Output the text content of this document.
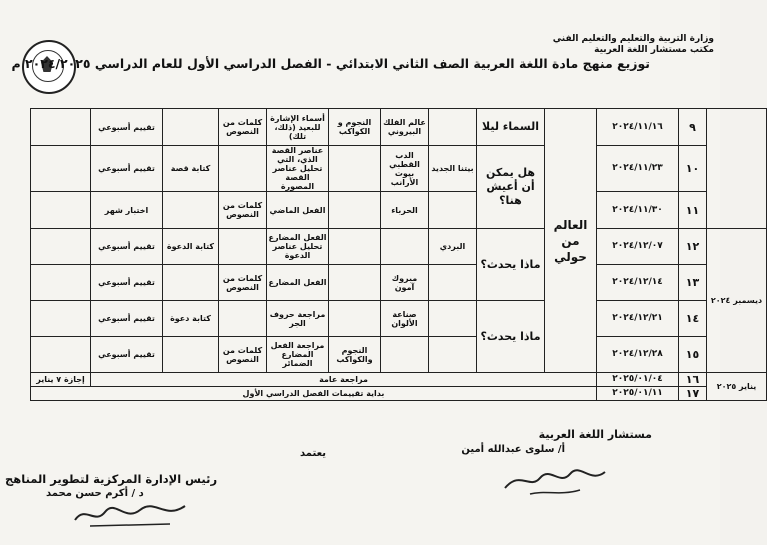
وزارة التربية والتعليم والتعليم الفني
مكتب مستشار اللغة العربية
توزيع منهج مادة اللغة العربية الصف الثاني الابتدائي - الفصل الدراسي الأول للعام الدراسي ٢٠٢٤/٢٠٢٥ م
	٩	٢٠٢٤/١١/١٦	العالم من حولي	السماء ليلا		عالم الفلك البيروني	النجوم و الكواكب	أسماء الإشارة للبعيد (ذلك، تلك)	كلمات من النصوص		تقييم أسبوعي	
	١٠	٢٠٢٤/١١/٢٣		هل يمكن أن أعيش هنا؟	بيتنا الجديد	الدب القطبي بيوت الأرانب		عناصر القصة الذي، التي تحليل عناصر القصة المصورة		كتابة قصة	تقييم أسبوعي	
	١١	٢٠٢٤/١١/٣٠				الحرباء		الفعل الماضي	كلمات من النصوص		اختبار شهر	
ديسمبر ٢٠٢٤	١٢	٢٠٢٤/١٢/٠٧		ماذا يحدث؟	البردي			الفعل المضارع تحليل عناصر الدعوة		كتابة الدعوة	تقييم أسبوعي	
	١٣	٢٠٢٤/١٢/١٤				مبروك آمون		الفعل المضارع	كلمات من النصوص		تقييم أسبوعي	
	١٤	٢٠٢٤/١٢/٢١		ماذا يحدث؟		صناعة الألوان		مراجعة حروف الجر		كتابة دعوة	تقييم أسبوعي	
	١٥	٢٠٢٤/١٢/٢٨					النجوم والكواكب	مراجعة الفعل المضارع الضمائر	كلمات من النصوص		تقييم أسبوعي	
يناير ٢٠٢٥	١٦	٢٠٢٥/٠١/٠٤	مراجعة عامة									إجازة ٧ يناير
	١٧	٢٠٢٥/٠١/١١	بداية تقييمات الفصل الدراسي الأول									
مستشار اللغة العربية
أ/ سلوى عبدالله أمين
يعتمد
رئيس الإدارة المركزية لتطوير المناهج
د / أكرم حسن محمد
